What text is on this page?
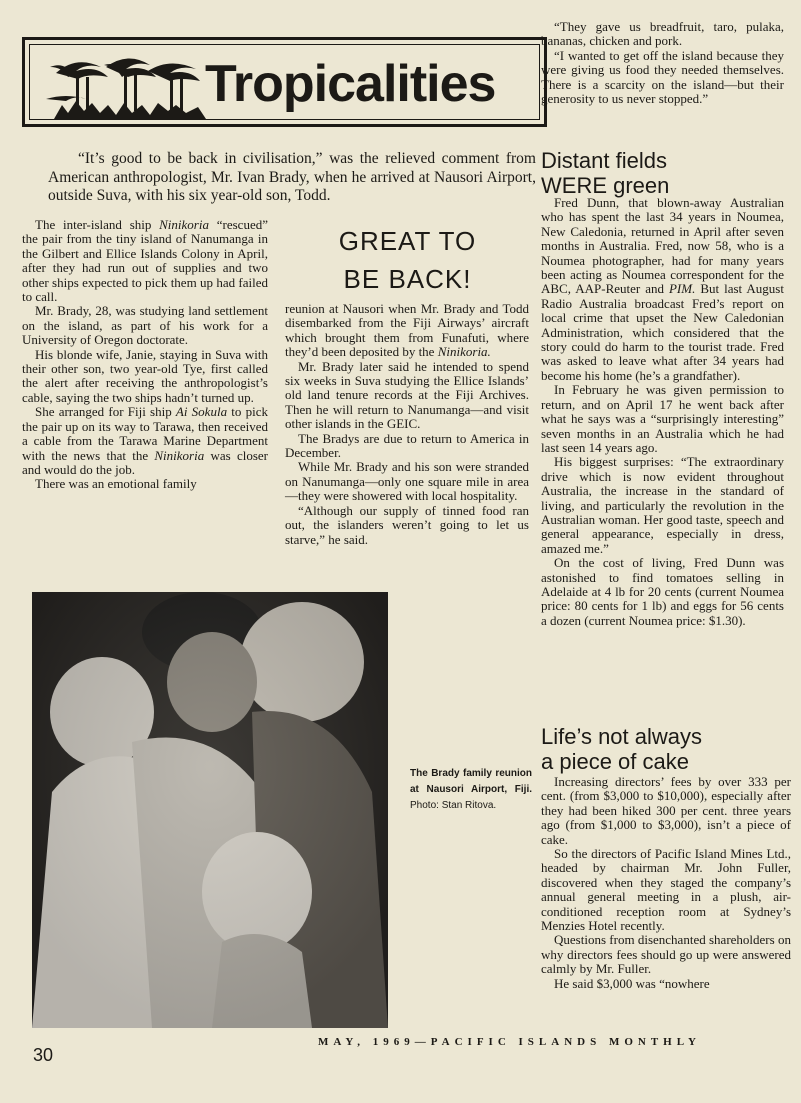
Tropicalities
“It’s good to be back in civilisation,” was the relieved comment from American anthropologist, Mr. Ivan Brady, when he arrived at Nausori Airport, outside Suva, with his six year-old son, Todd.

The inter-island ship Ninikoria “rescued” the pair from the tiny island of Nanumanga in the Gilbert and Ellice Islands Colony in April, after they had run out of supplies and two other ships expected to pick them up had failed to call.

Mr. Brady, 28, was studying land settlement on the island, as part of his work for a University of Oregon doctorate.

His blonde wife, Janie, staying in Suva with their other son, two year-old Tye, first called the alert after receiving the anthropologist’s cable, saying the two ships hadn’t turned up.

She arranged for Fiji ship Ai Sokula to pick the pair up on its way to Tarawa, then received a cable from the Tarawa Marine Department with the news that the Ninikoria was closer and would do the job.

There was an emotional family

GREAT TO
BE BACK!

reunion at Nausori when Mr. Brady and Todd disembarked from the Fiji Airways’ aircraft which brought them from Funafuti, where they’d been deposited by the Ninikoria.

Mr. Brady later said he intended to spend six weeks in Suva studying the Ellice Islands’ old land tenure records at the Fiji Archives. Then he will return to Nanumanga—and visit other islands in the GEIC.

The Bradys are due to return to America in December.

While Mr. Brady and his son were stranded on Nanumanga—only one square mile in area—they were showered with local hospitality.

“Although our supply of tinned food ran out, the islanders weren’t going to let us starve,” he said.

“They gave us breadfruit, taro, pulaka, bananas, chicken and pork.

“I wanted to get off the island because they were giving us food they needed themselves. There is a scarcity on the island—but their generosity to us never stopped.”

Distant fields
WERE green

Fred Dunn, that blown-away Australian who has spent the last 34 years in Noumea, New Caledonia, returned in April after seven months in Australia. Fred, now 58, who is a Noumea photographer, had for many years been acting as Noumea correspondent for the ABC, AAP-Reuter and PIM. But last August Radio Australia broadcast Fred’s report on local crime that upset the New Caledonian Administration, which considered that the story could do harm to the tourist trade. Fred was asked to leave what after 34 years had become his home (he’s a grandfather).

In February he was given permission to return, and on April 17 he went back after what he says was a “surprisingly interesting” seven months in an Australia which he had last seen 14 years ago.

His biggest surprises: “The extraordinary drive which is now evident throughout Australia, the increase in the standard of living, and particularly the revolution in the Australian woman. Her good taste, speech and general appearance, especially in dress, amazed me.”

On the cost of living, Fred Dunn was astonished to find tomatoes selling in Adelaide at 4 lb for 20 cents (current Noumea price: 80 cents for 1 lb) and eggs for 56 cents a dozen (current Noumea price: $1.30).

Life’s not always
a piece of cake

Increasing directors’ fees by over 333 per cent. (from $3,000 to $10,000), especially after they had been hiked 300 per cent. three years ago (from $1,000 to $3,000), isn’t a piece of cake.

So the directors of Pacific Island Mines Ltd., headed by chairman Mr. John Fuller, discovered when they staged the company’s annual general meeting in a plush, air-conditioned reception room at Sydney’s Menzies Hotel recently.

Questions from disenchanted shareholders on why directors fees should go up were answered calmly by Mr. Fuller.

He said $3,000 was “nowhere

The Brady family reunion at Nausori Airport, Fiji. Photo: Stan Ritova.
MAY, 1969—PACIFIC ISLANDS MONTHLY
30
